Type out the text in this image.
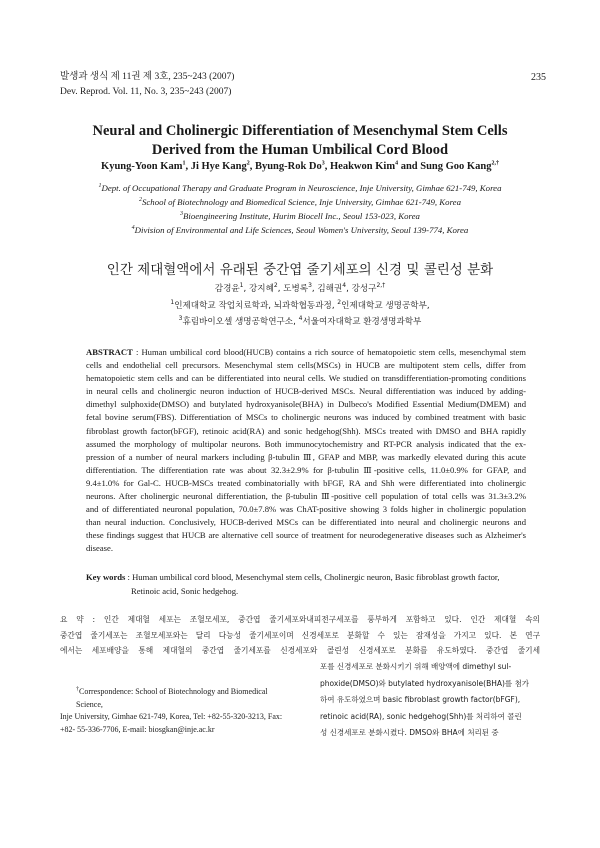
발생과 생식 제 11권 제 3호, 235~243 (2007)
Dev. Reprod. Vol. 11, No. 3, 235~243 (2007)
235
Neural and Cholinergic Differentiation of Mesenchymal Stem Cells
Derived from the Human Umbilical Cord Blood
Kyung-Yoon Kam$^1$, Ji Hye Kang$^2$, Byung-Rok Do$^3$, Heakwon Kim$^4$ and Sung Goo Kang$^{2,\dagger}$
$^1$Dept. of Occupational Therapy and Graduate Program in Neuroscience, Inje University, Gimhae 621-749, Korea
$^2$School of Biotechnology and Biomedical Science, Inje University, Gimhae 621-749, Korea
$^3$Bioengineering Institute, Hurim Biocell Inc., Seoul 153-023, Korea
$^4$Division of Environmental and Life Sciences, Seoul Women's University, Seoul 139-774, Korea
인간 제대혈액에서 유래된 중간엽 줄기세포의 신경 및 콜린성 분화
감경윤$^1$, 강지혜$^2$, 도병록$^3$, 김해권$^4$, 강성구$^{2,\dagger}$
$^1$인제대학교 작업치료학과, 뇌과학협동과정, $^2$인제대학교 생명공학부,
$^3$휴림바이오셀 생명공학연구소, $^4$서울여자대학교 환경생명과학부
ABSTRACT : Human umbilical cord blood(HUCB) contains a rich source of hematopoietic stem cells, mesenchymal stem
cells and endothelial cell precursors. Mesenchymal stem cells(MSCs) in HUCB are multipotent stem cells, differ from
hematopoietic stem cells and can be differentiated into neural cells. We studied on transdifferentiation-promoting conditions
in neural cells and cholinergic neuron induction of HUCB-derived MSCs. Neural differentiation was induced by adding-
dimethyl sulphoxide(DMSO) and butylated hydroxyanisole(BHA) in Dulbeco's Modified Essential Medium(DMEM) and
fetal bovine serum(FBS). Differentiation of MSCs to cholinergic neurons was induced by combined treatment with basic
fibroblast growth factor(bFGF), retinoic acid(RA) and sonic hedgehog(Shh). MSCs treated with DMSO and BHA rapidly
assumed the morphology of multipolar neurons. Both immunocytochemistry and RT-PCR analysis indicated that the ex-
pression of a number of neural markers including β-tubulin Ⅲ, GFAP and MBP, was markedly elevated during this acute
differentiation. The differentiation rate was about 32.3±2.9% for β-tubulin Ⅲ-positive cells, 11.0±0.9% for GFAP, and
9.4±1.0% for Gal-C. HUCB-MSCs treated combinatorially with bFGF, RA and Shh were differentiated into cholinergic
neurons. After cholinergic neuronal differentiation, the β-tubulin Ⅲ-positive cell population of total cells was 31.3±3.2%
and of differentiated neuronal population, 70.0±7.8% was ChAT-positive showing 3 folds higher in cholinergic population
than neural induction. Conclusively, HUCB-derived MSCs can be differentiated into neural and cholinergic neurons and
these findings suggest that HUCB are alternative cell source of treatment for neurodegenerative diseases such as Alzheimer's
disease.
Key words : Human umbilical cord blood, Mesenchymal stem cells, Cholinergic neuron, Basic fibroblast growth factor,
Retinoic acid, Sonic hedgehog.
요 약 : 인간 제대혈 세포는 조혈모세포, 중간엽 줄기세포와내피전구세포를 풍부하게 포함하고 있다. 인간 제대혈 속의
중간엽 줄기세포는 조혈모세포와는 달리 다능성 줄기세포이며 신경세포로 분화할 수 있는 잠재성을 가지고 있다. 본 연구
에서는 세포배양을 통해 제대혈의 중간엽 줄기세포를 신경세포와 콜린성 신경세포로 분화를 유도하였다. 중간엽 줄기세
포를 신경세포로 분화시키기 위해 배양액에 dimethyl sul-
phoxide(DMSO)와 butylated hydroxyanisole(BHA)를 첨가
하여 유도하였으며 basic fibroblast growth factor(bFGF),
retinoic acid(RA), sonic hedgehog(Shh)를 처리하여 콜린
성 신경세포로 분화시켰다. DMSO와 BHA에 처리된 중
†Correspondence: School of Biotechnology and Biomedical Science,
Inje University, Gimhae 621-749, Korea, Tel: +82-55-320-3213, Fax:
+82- 55-336-7706, E-mail: biosgkan@inje.ac.kr
